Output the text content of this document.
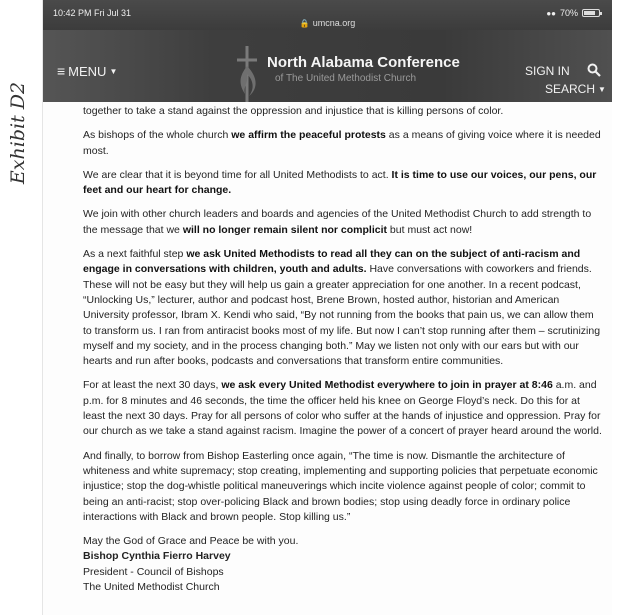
Exhibit D2
10:42 PM Fri Jul 31
🔒 umcna.org
●● 70%
≡ MENU ▼	North Alabama Conference
of The United Methodist Church
SIGN IN
SEARCH ▼

together to take a stand against the oppression and injustice that is killing persons of color.

As bishops of the whole church we affirm the peaceful protests as a means of giving voice where it is needed most.

We are clear that it is beyond time for all United Methodists to act. It is time to use our voices, our pens, our feet and our heart for change.

We join with other church leaders and boards and agencies of the United Methodist Church to add strength to the message that we will no longer remain silent nor complicit but must act now!

As a next faithful step we ask United Methodists to read all they can on the subject of anti-racism and engage in conversations with children, youth and adults. Have conversations with coworkers and friends. These will not be easy but they will help us gain a greater appreciation for one another. In a recent podcast, “Unlocking Us,” lecturer, author and podcast host, Brene Brown, hosted author, historian and American University professor, Ibram X. Kendi who said, “By not running from the books that pain us, we can allow them to transform us. I ran from antiracist books most of my life. But now I can’t stop running after them – scrutinizing myself and my society, and in the process changing both.” May we listen not only with our ears but with our hearts and run after books, podcasts and conversations that transform entire communities.

For at least the next 30 days, we ask every United Methodist everywhere to join in prayer at 8:46 a.m. and p.m. for 8 minutes and 46 seconds, the time the officer held his knee on George Floyd’s neck. Do this for at least the next 30 days. Pray for all persons of color who suffer at the hands of injustice and oppression. Pray for our church as we take a stand against racism. Imagine the power of a concert of prayer heard around the world.

And finally, to borrow from Bishop Easterling once again, “The time is now. Dismantle the architecture of whiteness and white supremacy; stop creating, implementing and supporting policies that perpetuate economic injustice; stop the dog-whistle political maneuverings which incite violence against people of color; commit to being an anti-racist; stop over-policing Black and brown bodies; stop using deadly force in ordinary police interactions with Black and brown people. Stop killing us.”

May the God of Grace and Peace be with you.
Bishop Cynthia Fierro Harvey
President - Council of Bishops
The United Methodist Church
